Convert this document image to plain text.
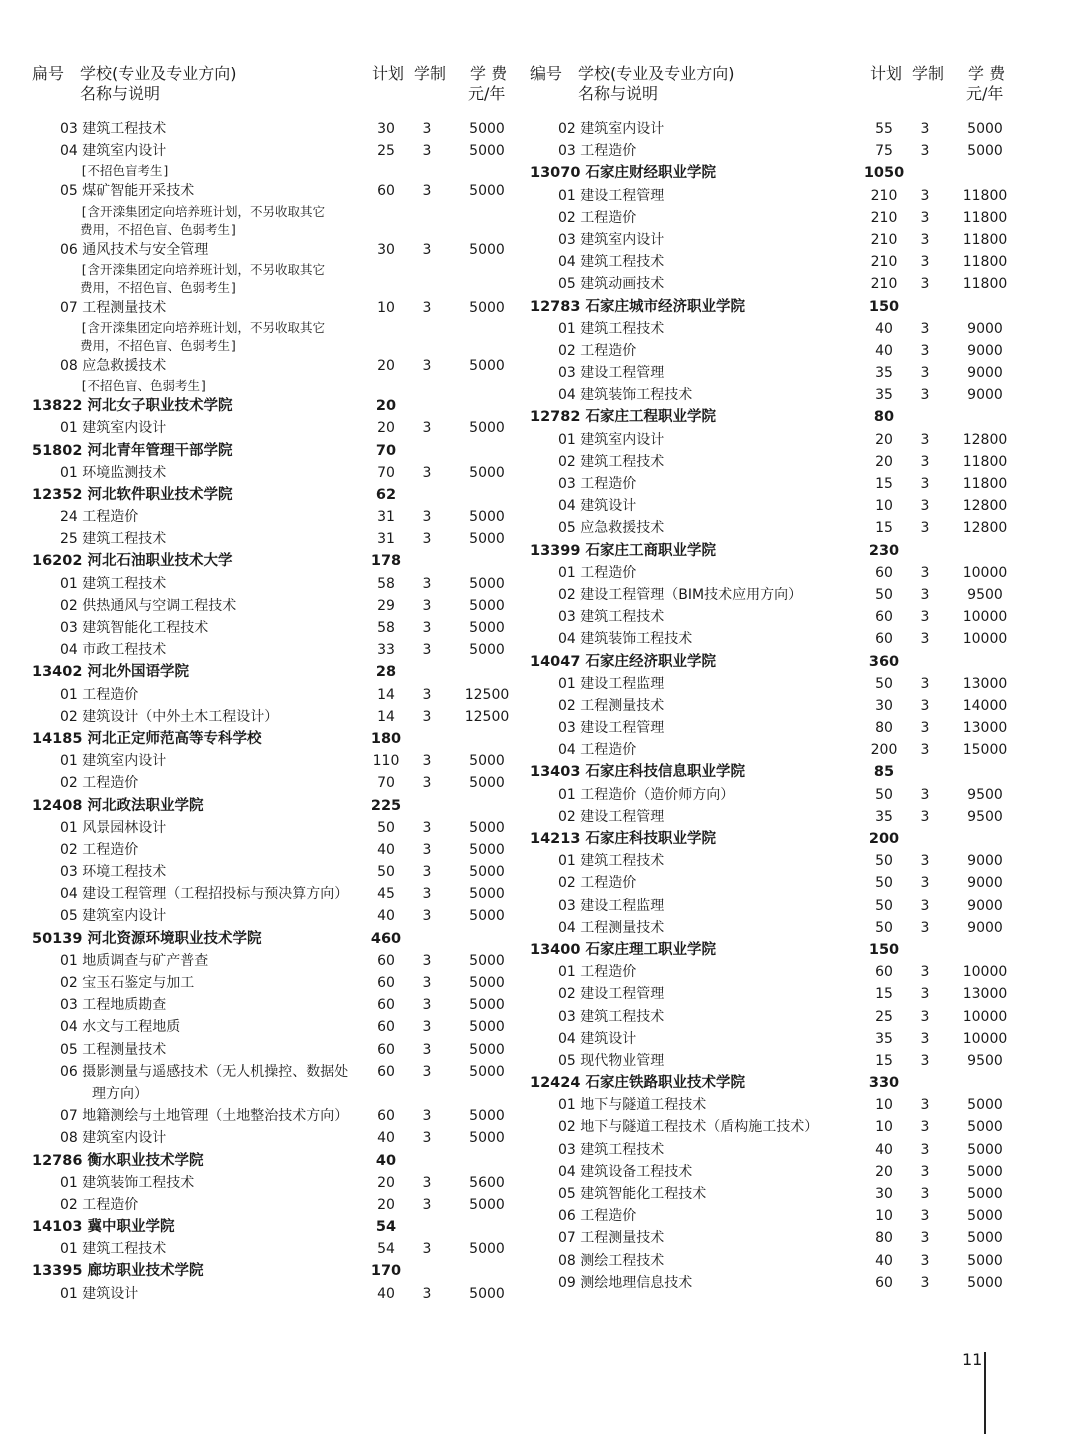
扁号 学校(专业及专业方向)
名称与说明
计划 学制 学 费
元/年
03 建筑工程技术	30	3	5000
04 建筑室内设计	25	3	5000
[不招色盲考生]
05 煤矿智能开采技术	60	3	5000
[含开滦集团定向培养班计划，不另收取其它
费用，不招色盲、色弱考生]
06 通风技术与安全管理	30	3	5000
[含开滦集团定向培养班计划，不另收取其它
费用，不招色盲、色弱考生]
07 工程测量技术	10	3	5000
[含开滦集团定向培养班计划，不另收取其它
费用，不招色盲、色弱考生]
08 应急救援技术	20	3	5000
[不招色盲、色弱考生]
13822 河北女子职业技术学院	20
01 建筑室内设计	20	3	5000
51802 河北青年管理干部学院	70
01 环境监测技术	70	3	5000
12352 河北软件职业技术学院	62
24 工程造价	31	3	5000
25 建筑工程技术	31	3	5000
16202 河北石油职业技术大学	178
01 建筑工程技术	58	3	5000
02 供热通风与空调工程技术	29	3	5000
03 建筑智能化工程技术	58	3	5000
04 市政工程技术	33	3	5000
13402 河北外国语学院	28
01 工程造价	14	3	12500
02 建筑设计（中外土木工程设计）	14	3	12500
14185 河北正定师范高等专科学校	180
01 建筑室内设计	110	3	5000
02 工程造价	70	3	5000
12408 河北政法职业学院	225
01 风景园林设计	50	3	5000
02 工程造价	40	3	5000
03 环境工程技术	50	3	5000
04 建设工程管理（工程招投标与预决算方向）	45	3	5000
05 建筑室内设计	40	3	5000
50139 河北资源环境职业技术学院	460
01 地质调查与矿产普查	60	3	5000
02 宝玉石鉴定与加工	60	3	5000
03 工程地质勘查	60	3	5000
04 水文与工程地质	60	3	5000
05 工程测量技术	60	3	5000
06 摄影测量与遥感技术（无人机操控、数据处	60	3	5000
理方向）
07 地籍测绘与土地管理（土地整治技术方向）	60	3	5000
08 建筑室内设计	40	3	5000
12786 衡水职业技术学院	40
01 建筑装饰工程技术	20	3	5600
02 工程造价	20	3	5000
14103 冀中职业学院	54
01 建筑工程技术	54	3	5000
13395 廊坊职业技术学院	170
01 建筑设计	40	3	5000
编号 学校(专业及专业方向)
名称与说明
计划 学制 学 费
元/年
02 建筑室内设计	55	3	5000
03 工程造价	75	3	5000
13070 石家庄财经职业学院	1050
01 建设工程管理	210	3	11800
02 工程造价	210	3	11800
03 建筑室内设计	210	3	11800
04 建筑工程技术	210	3	11800
05 建筑动画技术	210	3	11800
12783 石家庄城市经济职业学院	150
01 建筑工程技术	40	3	9000
02 工程造价	40	3	9000
03 建设工程管理	35	3	9000
04 建筑装饰工程技术	35	3	9000
12782 石家庄工程职业学院	80
01 建筑室内设计	20	3	12800
02 建筑工程技术	20	3	11800
03 工程造价	15	3	11800
04 建筑设计	10	3	12800
05 应急救援技术	15	3	12800
13399 石家庄工商职业学院	230
01 工程造价	60	3	10000
02 建设工程管理（BIM技术应用方向）	50	3	9500
03 建筑工程技术	60	3	10000
04 建筑装饰工程技术	60	3	10000
14047 石家庄经济职业学院	360
01 建设工程监理	50	3	13000
02 工程测量技术	30	3	14000
03 建设工程管理	80	3	13000
04 工程造价	200	3	15000
13403 石家庄科技信息职业学院	85
01 工程造价（造价师方向）	50	3	9500
02 建设工程管理	35	3	9500
14213 石家庄科技职业学院	200
01 建筑工程技术	50	3	9000
02 工程造价	50	3	9000
03 建设工程监理	50	3	9000
04 工程测量技术	50	3	9000
13400 石家庄理工职业学院	150
01 工程造价	60	3	10000
02 建设工程管理	15	3	13000
03 建筑工程技术	25	3	10000
04 建筑设计	35	3	10000
05 现代物业管理	15	3	9500
12424 石家庄铁路职业技术学院	330
01 地下与隧道工程技术	10	3	5000
02 地下与隧道工程技术（盾构施工技术）	10	3	5000
03 建筑工程技术	40	3	5000
04 建筑设备工程技术	20	3	5000
05 建筑智能化工程技术	30	3	5000
06 工程造价	10	3	5000
07 工程测量技术	80	3	5000
08 测绘工程技术	40	3	5000
09 测绘地理信息技术	60	3	5000
11
